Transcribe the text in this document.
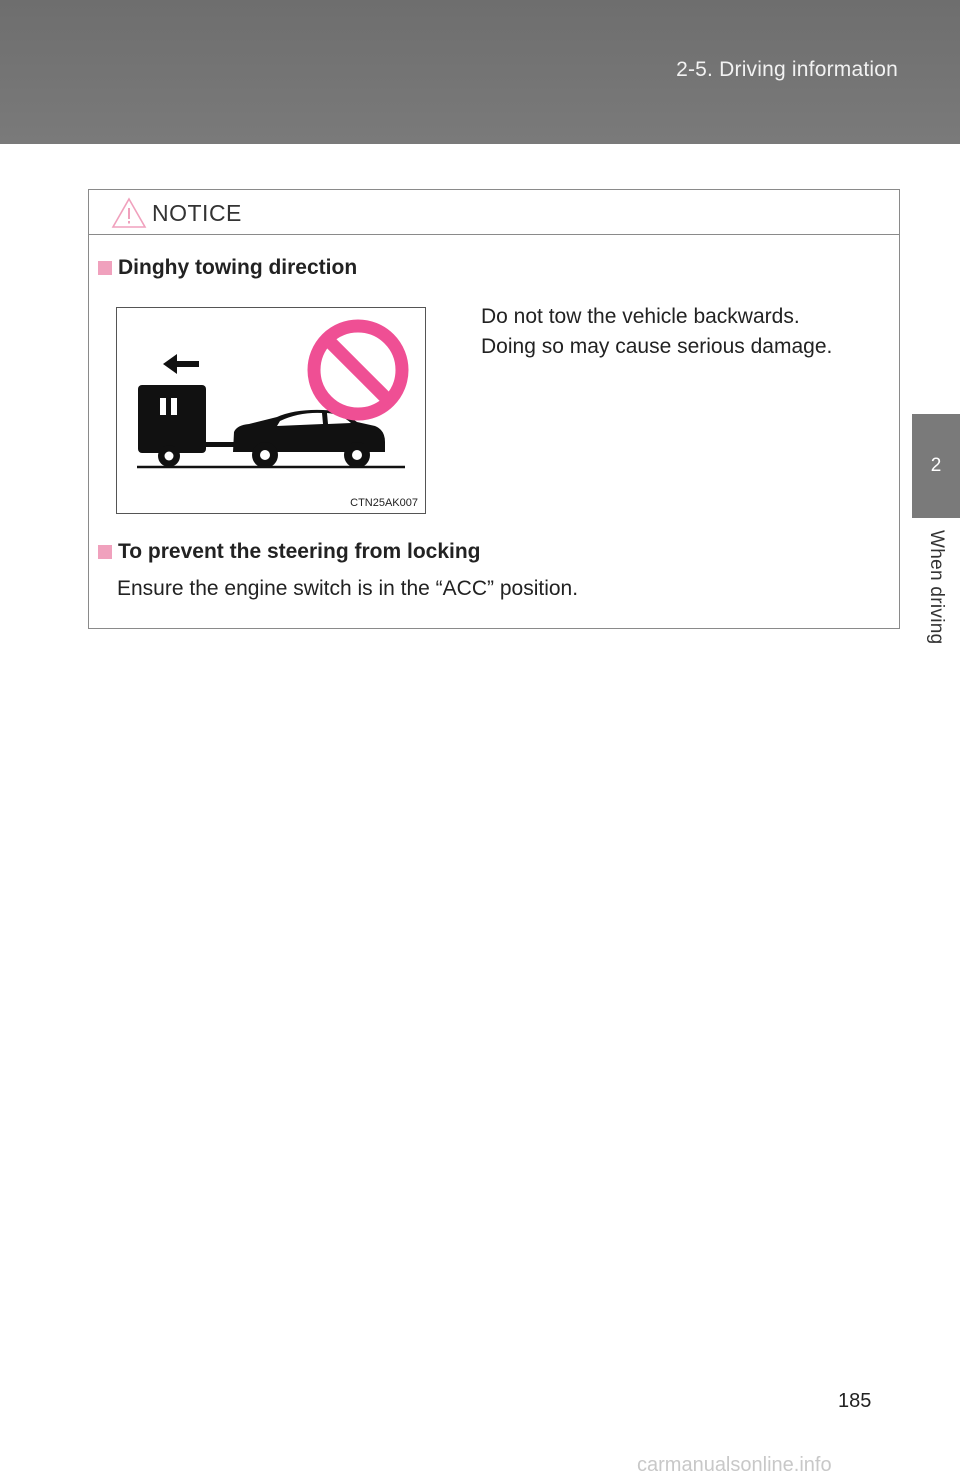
2-5. Driving information
2
When driving
NOTICE
Dinghy towing direction
CTN25AK007
Do not tow the vehicle backwards.
Doing so may cause serious damage.
To prevent the steering from locking
Ensure the engine switch is in the “ACC” position.
185
carmanualsonline.info
